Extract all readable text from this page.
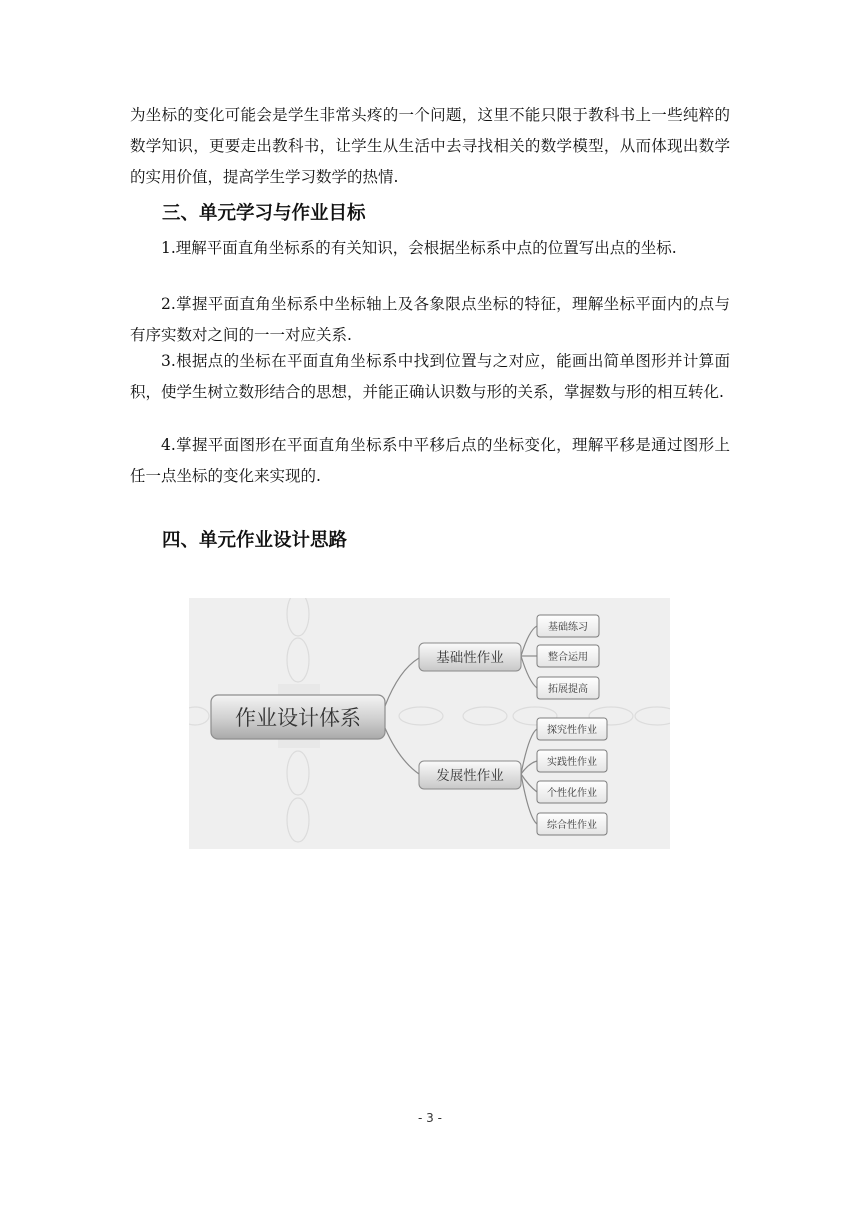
为坐标的变化可能会是学生非常头疼的一个问题，这里不能只限于教科书上一些纯粹的数学知识，更要走出教科书，让学生从生活中去寻找相关的数学模型，从而体现出数学的实用价值，提高学生学习数学的热情.

三、单元学习与作业目标

1.理解平面直角坐标系的有关知识，会根据坐标系中点的位置写出点的坐标.

2.掌握平面直角坐标系中坐标轴上及各象限点坐标的特征，理解坐标平面内的点与有序实数对之间的一一对应关系.

3.根据点的坐标在平面直角坐标系中找到位置与之对应，能画出简单图形并计算面积，使学生树立数形结合的思想，并能正确认识数与形的关系，掌握数与形的相互转化.

4.掌握平面图形在平面直角坐标系中平移后点的坐标变化，理解平移是通过图形上任一点坐标的变化来实现的.

四、单元作业设计思路
作业设计体系
基础性作业
发展性作业
基础练习
整合运用
拓展提高
探究性作业
实践性作业
个性化作业
综合性作业
- 3 -
